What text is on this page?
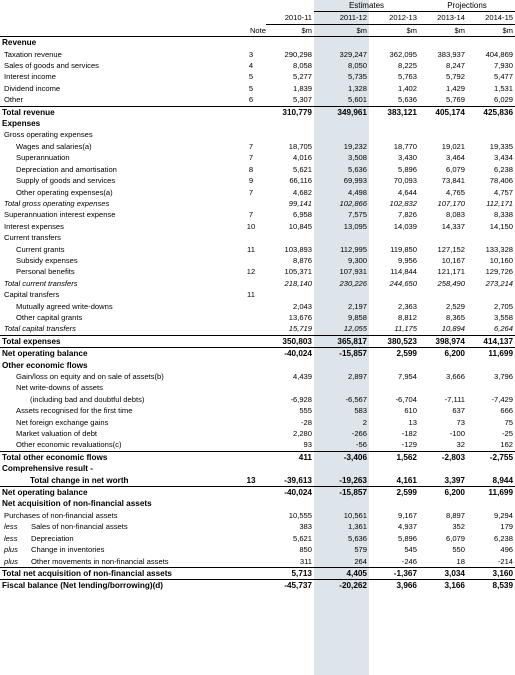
			Estimates		Projections	
		2010-11	2011-12	2012-13	2013-14	2014-15
	Note	$m	$m	$m	$m	$m
Revenue						
Taxation revenue	3	290,298	329,247	362,095	383,937	404,869
Sales of goods and services	4	8,058	8,050	8,225	8,247	7,930
Interest income	5	5,277	5,735	5,763	5,792	5,477
Dividend income	5	1,839	1,328	1,402	1,429	1,531
Other	6	5,307	5,601	5,636	5,769	6,029
Total revenue		310,779	349,961	383,121	405,174	425,836
Expenses						
Gross operating expenses						
Wages and salaries(a)	7	18,705	19,232	18,770	19,021	19,335
Superannuation	7	4,016	3,508	3,430	3,464	3,434
Depreciation and amortisation	8	5,621	5,636	5,896	6,079	6,238
Supply of goods and services	9	66,116	69,993	70,093	73,841	78,406
Other operating expenses(a)	7	4,682	4,498	4,644	4,765	4,757
Total gross operating expenses		99,141	102,866	102,832	107,170	112,171
Superannuation interest expense	7	6,958	7,575	7,826	8,083	8,338
Interest expenses	10	10,845	13,095	14,039	14,337	14,150
Current transfers						
Current grants	11	103,893	112,995	119,850	127,152	133,328
Subsidy expenses		8,876	9,300	9,956	10,167	10,160
Personal benefits	12	105,371	107,931	114,844	121,171	129,726
Total current transfers		218,140	230,226	244,650	258,490	273,214
Capital transfers	11					
Mutually agreed write-downs		2,043	2,197	2,363	2,529	2,705
Other capital grants		13,676	9,858	8,812	8,365	3,558
Total capital transfers		15,719	12,055	11,175	10,894	6,264
Total expenses		350,803	365,817	380,523	398,974	414,137
Net operating balance		-40,024	-15,857	2,599	6,200	11,699
Other economic flows						
Gain/loss on equity and on sale of assets(b)		4,439	2,897	7,954	3,666	3,796
Net write-downs of assets						
(including bad and doubtful debts)		-6,928	-6,567	-6,704	-7,111	-7,429
Assets recognised for the first time		555	583	610	637	666
Net foreign exchange gains		-28	2	13	73	75
Market valuation of debt		2,280	-266	-182	-100	-25
Other economic revaluations(c)		93	-56	-129	32	162
Total other economic flows		411	-3,406	1,562	-2,803	-2,755
Comprehensive result -						
Total change in net worth	13	-39,613	-19,263	4,161	3,397	8,944
Net operating balance		-40,024	-15,857	2,599	6,200	11,699
Net acquisition of non-financial assets						
Purchases of non-financial assets		10,555	10,561	9,167	8,897	9,294
less Sales of non-financial assets		383	1,361	4,937	352	179
less Depreciation		5,621	5,636	5,896	6,079	6,238
plus Change in inventories		850	579	545	550	496
plus Other movements in non-financial assets		311	264	-246	18	-214
Total net acquisition of non-financial assets		5,713	4,405	-1,367	3,034	3,160
Fiscal balance (Net lending/borrowing)(d)		-45,737	-20,262	3,966	3,166	8,539
